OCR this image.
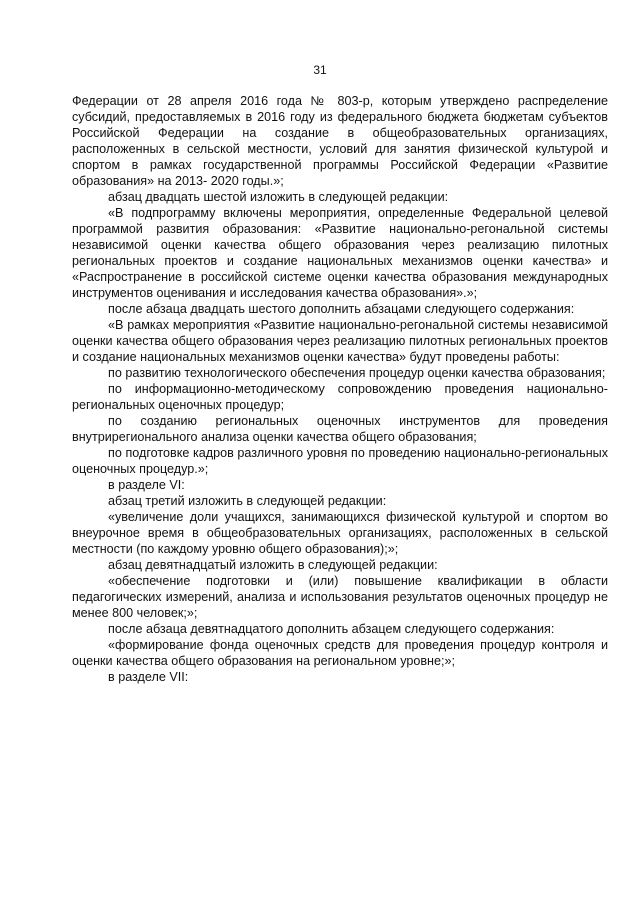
31

Федерации от 28 апреля 2016 года № 803-р, которым утверждено распределение субсидий, предоставляемых в 2016 году из федерального бюджета бюджетам субъектов Российской Федерации на создание в общеобразовательных организациях, расположенных в сельской местности, условий для занятия физической культурой и спортом в рамках государственной программы Российской Федерации «Развитие образования» на 2013- 2020 годы.»;

абзац двадцать шестой изложить в следующей редакции:

«В подпрограмму включены мероприятия, определенные Федеральной целевой программой развития образования: «Развитие национально-регональной системы независимой оценки качества общего образования через реализацию пилотных региональных проектов и создание национальных механизмов оценки качества» и «Распространение в российской системе оценки качества образования международных инструментов оценивания и исследования качества образования».»;

после абзаца двадцать шестого дополнить абзацами следующего содержания:

«В рамках мероприятия «Развитие национально-регональной системы независимой оценки качества общего образования через реализацию пилотных региональных проектов и создание национальных механизмов оценки качества» будут проведены работы:

по развитию технологического обеспечения процедур оценки качества образования;

по информационно-методическому сопровождению проведения национально-региональных оценочных процедур;

по созданию региональных оценочных инструментов для проведения внутрирегионального анализа оценки качества общего образования;

по подготовке кадров различного уровня по проведению национально-региональных оценочных процедур.»;

в разделе VI:

абзац третий изложить в следующей редакции:

«увеличение доли учащихся, занимающихся физической культурой и спортом во внеурочное время в общеобразовательных организациях, расположенных в сельской местности (по каждому уровню общего образования);»;

абзац девятнадцатый изложить в следующей редакции:

«обеспечение подготовки и (или) повышение квалификации в области педагогических измерений, анализа и использования результатов оценочных процедур не менее 800 человек;»;

после абзаца девятнадцатого дополнить абзацем следующего содержания:

«формирование фонда оценочных средств для проведения процедур контроля и оценки качества общего образования на региональном уровне;»;

в разделе VII:
